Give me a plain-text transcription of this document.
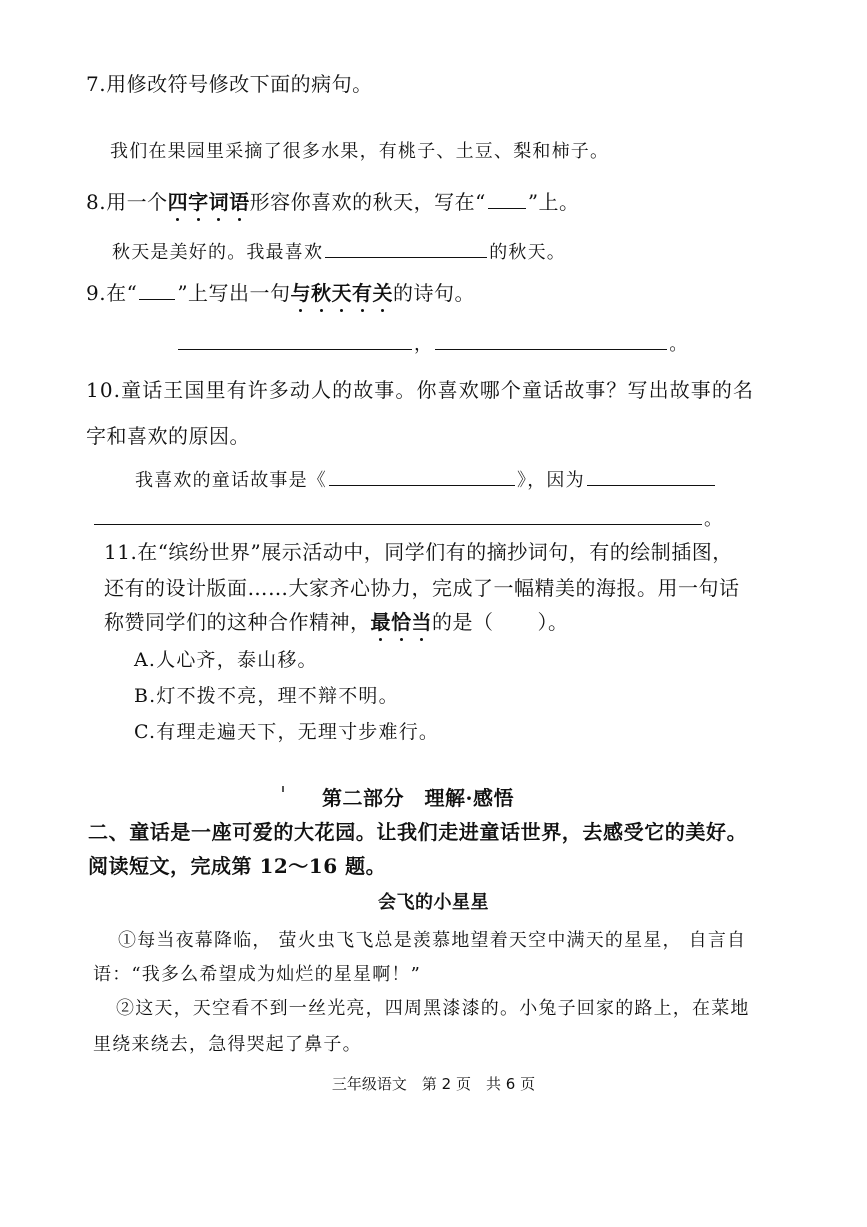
7.用修改符号修改下面的病句。
我们在果园里采摘了很多水果，有桃子、土豆、梨和柿子。
8.用一个四字词语形容你喜欢的秋天，写在“ ”上。
秋天是美好的。我最喜欢	的秋天。
9.在“ ”上写出一句与秋天有关的诗句。
，	。
10.童话王国里有许多动人的故事。你喜欢哪个童话故事？写出故事的名
字和喜欢的原因。
我喜欢的童话故事是《	》，因为
。
11.在“缤纷世界”展示活动中，同学们有的摘抄词句，有的绘制插图，
还有的设计版面……大家齐心协力，完成了一幅精美的海报。用一句话
称赞同学们的这种合作精神，最恰当的是（ ）。
A.人心齐，泰山移。
B.灯不拨不亮，理不辩不明。
C.有理走遍天下，无理寸步难行。
第二部分　理解·感悟
二、童话是一座可爱的大花园。让我们走进童话世界，去感受它的美好。
阅读短文，完成第 12～16 题。
会飞的小星星
①每当夜幕降临， 萤火虫飞飞总是羡慕地望着天空中满天的星星， 自言自
语：“我多么希望成为灿烂的星星啊！”
②这天，天空看不到一丝光亮，四周黑漆漆的。小兔子回家的路上，在菜地
里绕来绕去，急得哭起了鼻子。
三年级语文　第 2 页　共 6 页
